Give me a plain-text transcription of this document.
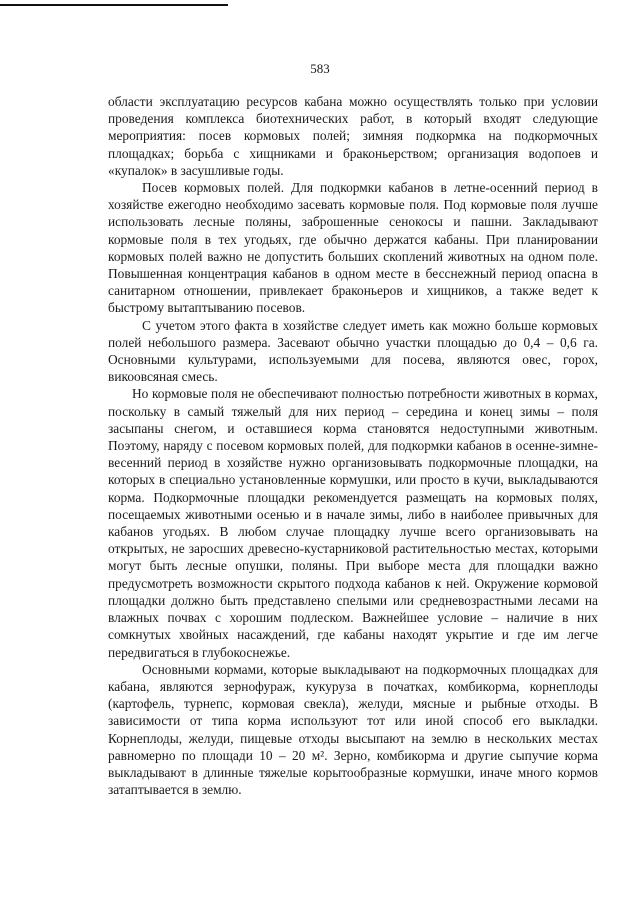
583

области эксплуатацию ресурсов кабана можно осуществлять только при условии проведения комплекса биотехнических работ, в который входят следующие мероприятия: посев кормовых полей; зимняя подкормка на подкормочных площадках; борьба с хищниками и браконьерством; организация водопоев и «купалок» в засушливые годы.

Посев кормовых полей. Для подкормки кабанов в летне-осенний период в хозяйстве ежегодно необходимо засевать кормовые поля. Под кормовые поля лучше использовать лесные поляны, заброшенные сенокосы и пашни. Закладывают кормовые поля в тех угодьях, где обычно держатся кабаны. При планировании кормовых полей важно не допустить больших скоплений животных на одном поле. Повышенная концентрация кабанов в одном месте в бесснежный период опасна в санитарном отношении, привлекает браконьеров и хищников, а также ведет к быстрому вытаптыванию посевов.

С учетом этого факта в хозяйстве следует иметь как можно больше кормовых полей небольшого размера. Засевают обычно участки площадью до 0,4 – 0,6 га. Основными культурами, используемыми для посева, являются овес, горох, викоовсяная смесь.

Но кормовые поля не обеспечивают полностью потребности животных в кормах, поскольку в самый тяжелый для них период – середина и конец зимы – поля засыпаны снегом, и оставшиеся корма становятся недоступными животным. Поэтому, наряду с посевом кормовых полей, для подкормки кабанов в осенне-зимне-весенний период в хозяйстве нужно организовывать подкормочные площадки, на которых в специально установленные кормушки, или просто в кучи, выкладываются корма. Подкормочные площадки рекомендуется размещать на кормовых полях, посещаемых животными осенью и в начале зимы, либо в наиболее привычных для кабанов угодьях. В любом случае площадку лучше всего организовывать на открытых, не заросших древесно-кустарниковой растительностью местах, которыми могут быть лесные опушки, поляны. При выборе места для площадки важно предусмотреть возможности скрытого подхода кабанов к ней. Окружение кормовой площадки должно быть представлено спелыми или средневозрастными лесами на влажных почвах с хорошим подлеском. Важнейшее условие – наличие в них сомкнутых хвойных насаждений, где кабаны находят укрытие и где им легче передвигаться в глубокоснежье.

Основными кормами, которые выкладывают на подкормочных площадках для кабана, являются зернофураж, кукуруза в початках, комбикорма, корнеплоды (картофель, турнепс, кормовая свекла), желуди, мясные и рыбные отходы. В зависимости от типа корма используют тот или иной способ его выкладки. Корнеплоды, желуди, пищевые отходы высыпают на землю в нескольких местах равномерно по площади 10 – 20 м². Зерно, комбикорма и другие сыпучие корма выкладывают в длинные тяжелые корытообразные кормушки, иначе много кормов затаптывается в землю.
